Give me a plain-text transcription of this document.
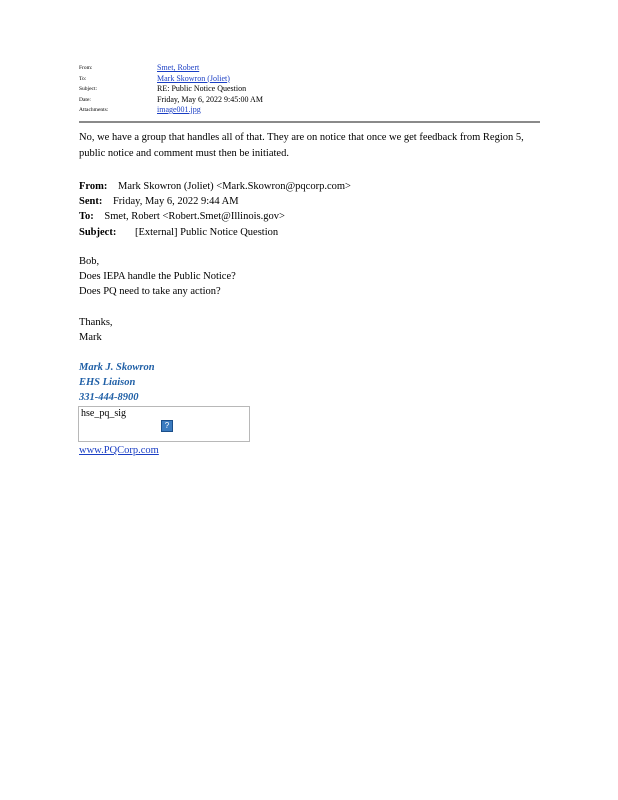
From:	Smet, Robert
To:	Mark Skowron (Joliet)
Subject:	RE: Public Notice Question
Date:	Friday, May 6, 2022 9:45:00 AM
Attachments:	image001.jpg
No, we have a group that handles all of that. They are on notice that once we get feedback from Region 5, public notice and comment must then be initiated.
From: Mark Skowron (Joliet) <Mark.Skowron@pqcorp.com>
Sent: Friday, May 6, 2022 9:44 AM
To: Smet, Robert <Robert.Smet@Illinois.gov>
Subject: [External] Public Notice Question
Bob,
Does IEPA handle the Public Notice?
Does PQ need to take any action?
Thanks,
Mark
Mark J. Skowron
EHS Liaison
331-444-8900
hse_pq_sig
?
www.PQCorp.com
